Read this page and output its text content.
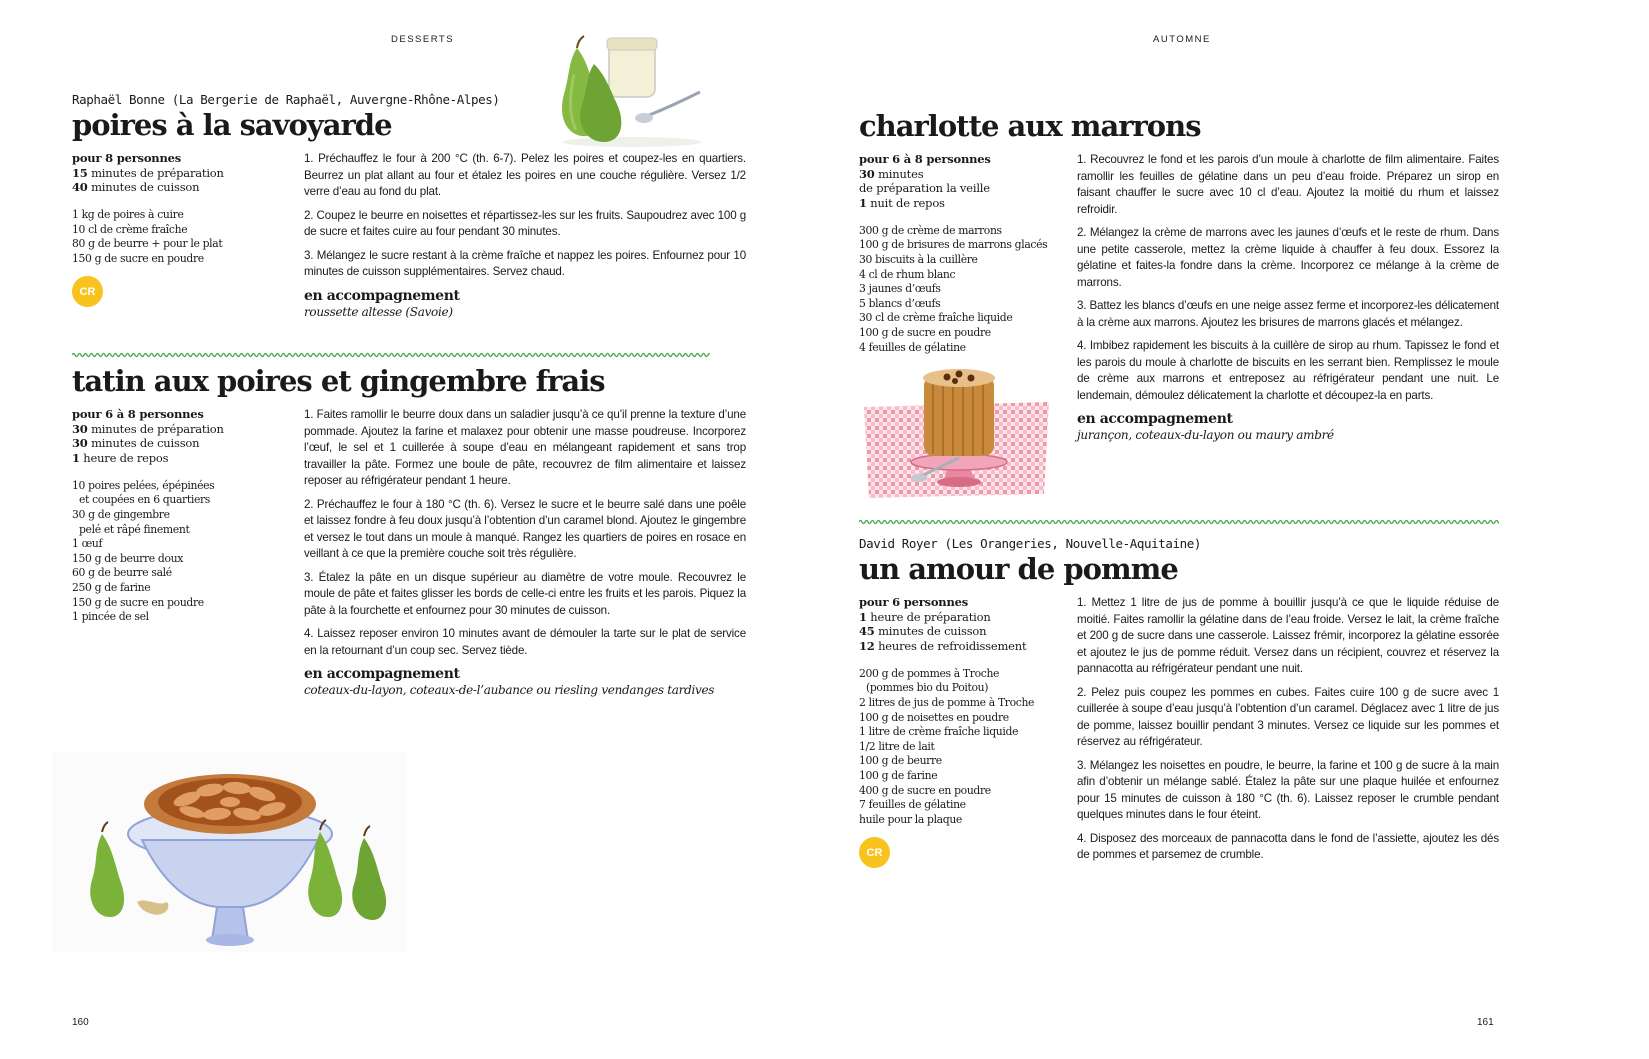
DESSERTS
Raphaël Bonne (La Bergerie de Raphaël, Auvergne-Rhône-Alpes)
poires à la savoyarde
pour 8 personnes
15 minutes de préparation
40 minutes de cuisson
1 kg de poires à cuire
10 cl de crème fraîche
80 g de beurre + pour le plat
150 g de sucre en poudre
CR

1. Préchauffez le four à 200 °C (th. 6-7). Pelez les poires et coupez-les en quartiers. Beurrez un plat allant au four et étalez les poires en une couche régulière. Versez 1/2 verre d’eau au fond du plat.

2. Coupez le beurre en noisettes et répartissez-les sur les fruits. Saupoudrez avec 100 g de sucre et faites cuire au four pendant 30 minutes.

3. Mélangez le sucre restant à la crème fraîche et nappez les poires. Enfournez pour 10 minutes de cuisson supplémentaires. Servez chaud.

en accompagnement
roussette altesse (Savoie)
tatin aux poires et gingembre frais
pour 6 à 8 personnes
30 minutes de préparation
30 minutes de cuisson
1 heure de repos
10 poires pelées, épépinées
et coupées en 6 quartiers
30 g de gingembre
pelé et râpé finement
1 œuf
150 g de beurre doux
60 g de beurre salé
250 g de farine
150 g de sucre en poudre
1 pincée de sel

1. Faites ramollir le beurre doux dans un saladier jusqu’à ce qu’il prenne la texture d’une pommade. Ajoutez la farine et malaxez pour obtenir une masse poudreuse. Incorporez l’œuf, le sel et 1 cuillerée à soupe d’eau en mélangeant rapidement et sans trop travailler la pâte. Formez une boule de pâte, recouvrez de film alimentaire et laissez reposer au réfrigérateur pendant 1 heure.

2. Préchauffez le four à 180 °C (th. 6). Versez le sucre et le beurre salé dans une poêle et laissez fondre à feu doux jusqu’à l’obtention d’un caramel blond. Ajoutez le gingembre et versez le tout dans un moule à manqué. Rangez les quartiers de poires en rosace en veillant à ce que la première couche soit très régulière.

3. Étalez la pâte en un disque supérieur au diamètre de votre moule. Recouvrez le moule de pâte et faites glisser les bords de celle-ci entre les fruits et les parois. Piquez la pâte à la fourchette et enfournez pour 30 minutes de cuisson.

4. Laissez reposer environ 10 minutes avant de démouler la tarte sur le plat de service en la retournant d’un coup sec. Servez tiède.

en accompagnement
coteaux-du-layon, coteaux-de-l’aubance ou riesling vendanges tardives
160
AUTOMNE
charlotte aux marrons
pour 6 à 8 personnes
30 minutes
de préparation la veille
1 nuit de repos
300 g de crème de marrons
100 g de brisures de marrons glacés
30 biscuits à la cuillère
4 cl de rhum blanc
3 jaunes d’œufs
5 blancs d’œufs
30 cl de crème fraîche liquide
100 g de sucre en poudre
4 feuilles de gélatine

1. Recouvrez le fond et les parois d’un moule à charlotte de film alimentaire. Faites ramollir les feuilles de gélatine dans un peu d’eau froide. Préparez un sirop en faisant chauffer le sucre avec 10 cl d’eau. Ajoutez la moitié du rhum et laissez refroidir.

2. Mélangez la crème de marrons avec les jaunes d’œufs et le reste de rhum. Dans une petite casserole, mettez la crème liquide à chauffer à feu doux. Essorez la gélatine et faites-la fondre dans la crème. Incorporez ce mélange à la crème de marrons.

3. Battez les blancs d’œufs en une neige assez ferme et incorporez-les délicatement à la crème aux marrons. Ajoutez les brisures de marrons glacés et mélangez.

4. Imbibez rapidement les biscuits à la cuillère de sirop au rhum. Tapissez le fond et les parois du moule à charlotte de biscuits en les serrant bien. Remplissez le moule de crème aux marrons et entreposez au réfrigérateur pendant une nuit. Le lendemain, démoulez délicatement la charlotte et découpez-la en parts.

en accompagnement
jurançon, coteaux-du-layon ou maury ambré
David Royer (Les Orangeries, Nouvelle-Aquitaine)
un amour de pomme
pour 6 personnes
1 heure de préparation
45 minutes de cuisson
12 heures de refroidissement
200 g de pommes à Troche
(pommes bio du Poitou)
2 litres de jus de pomme à Troche
100 g de noisettes en poudre
1 litre de crème fraîche liquide
1/2 litre de lait
100 g de beurre
100 g de farine
400 g de sucre en poudre
7 feuilles de gélatine
huile pour la plaque
CR

1. Mettez 1 litre de jus de pomme à bouillir jusqu’à ce que le liquide réduise de moitié. Faites ramollir la gélatine dans de l’eau froide. Versez le lait, la crème fraîche et 200 g de sucre dans une casserole. Laissez frémir, incorporez la gélatine essorée et ajoutez le jus de pomme réduit. Versez dans un récipient, couvrez et réservez la pannacotta au réfrigérateur pendant une nuit.

2. Pelez puis coupez les pommes en cubes. Faites cuire 100 g de sucre avec 1 cuillerée à soupe d’eau jusqu’à l’obtention d’un caramel. Déglacez avec 1 litre de jus de pomme, laissez bouillir pendant 3 minutes. Versez ce liquide sur les pommes et réservez au réfrigérateur.

3. Mélangez les noisettes en poudre, le beurre, la farine et 100 g de sucre à la main afin d’obtenir un mélange sablé. Étalez la pâte sur une plaque huilée et enfournez pour 15 minutes de cuisson à 180 °C (th. 6). Laissez reposer le crumble pendant quelques minutes dans le four éteint.

4. Disposez des morceaux de pannacotta dans le fond de l’assiette, ajoutez les dés de pommes et parsemez de crumble.

161
